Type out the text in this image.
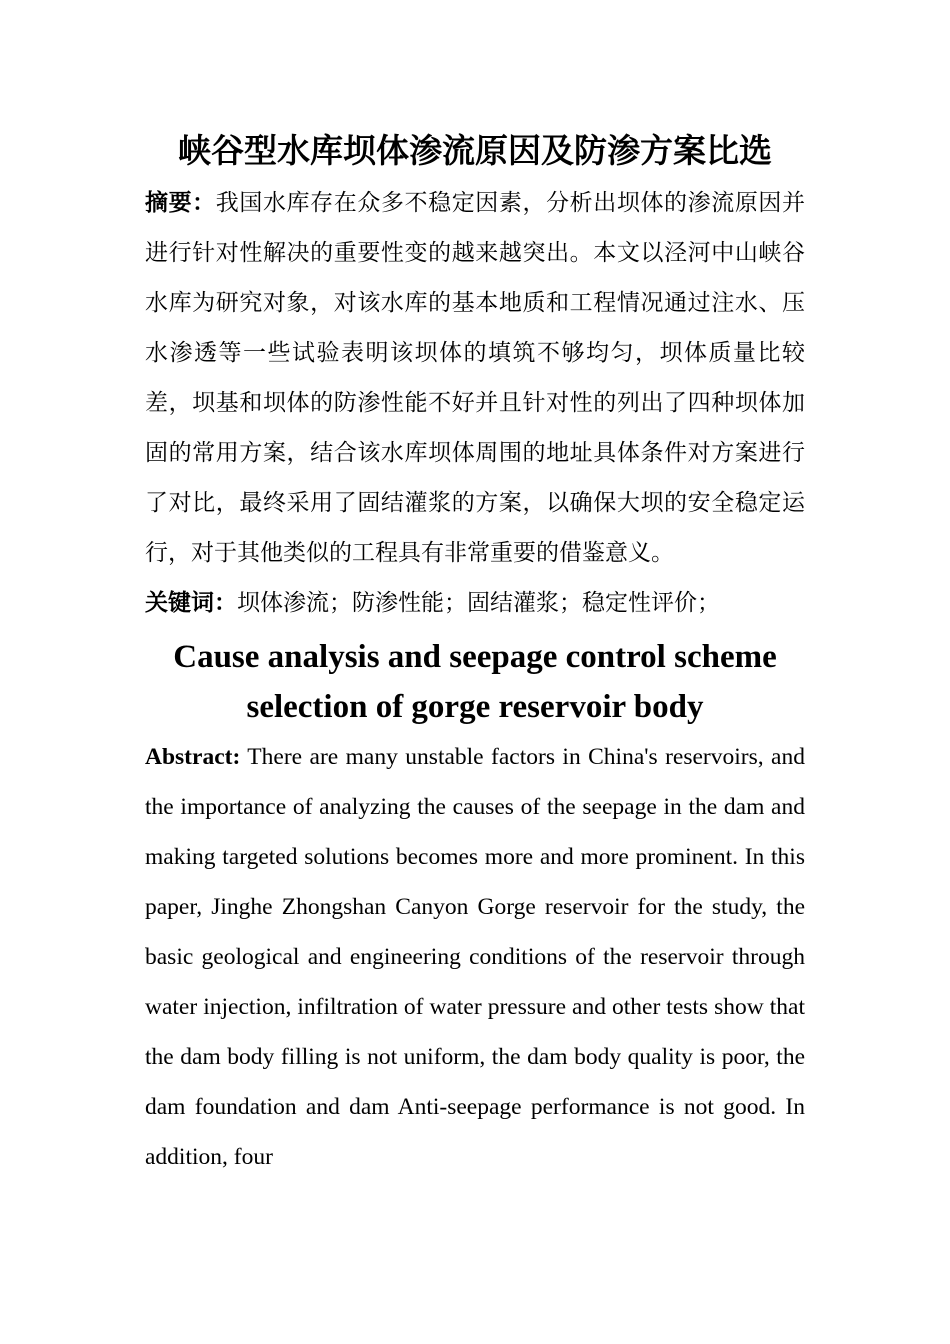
峡谷型水库坝体渗流原因及防渗方案比选

摘要：我国水库存在众多不稳定因素，分析出坝体的渗流原因并进行针对性解决的重要性变的越来越突出。本文以泾河中山峡谷水库为研究对象，对该水库的基本地质和工程情况通过注水、压水渗透等一些试验表明该坝体的填筑不够均匀，坝体质量比较差，坝基和坝体的防渗性能不好并且针对性的列出了四种坝体加固的常用方案，结合该水库坝体周围的地址具体条件对方案进行了对比，最终采用了固结灌浆的方案，以确保大坝的安全稳定运行，对于其他类似的工程具有非常重要的借鉴意义。

关键词：坝体渗流；防渗性能；固结灌浆；稳定性评价；

Cause analysis and seepage control scheme selection of gorge reservoir body

Abstract: There are many unstable factors in China's reservoirs, and the importance of analyzing the causes of the seepage in the dam and making targeted solutions becomes more and more prominent. In this paper, Jinghe Zhongshan Canyon Gorge reservoir for the study, the basic geological and engineering conditions of the reservoir through water injection, infiltration of water pressure and other tests show that the dam body filling is not uniform, the dam body quality is poor, the dam foundation and dam Anti-seepage performance is not good. In addition, four
